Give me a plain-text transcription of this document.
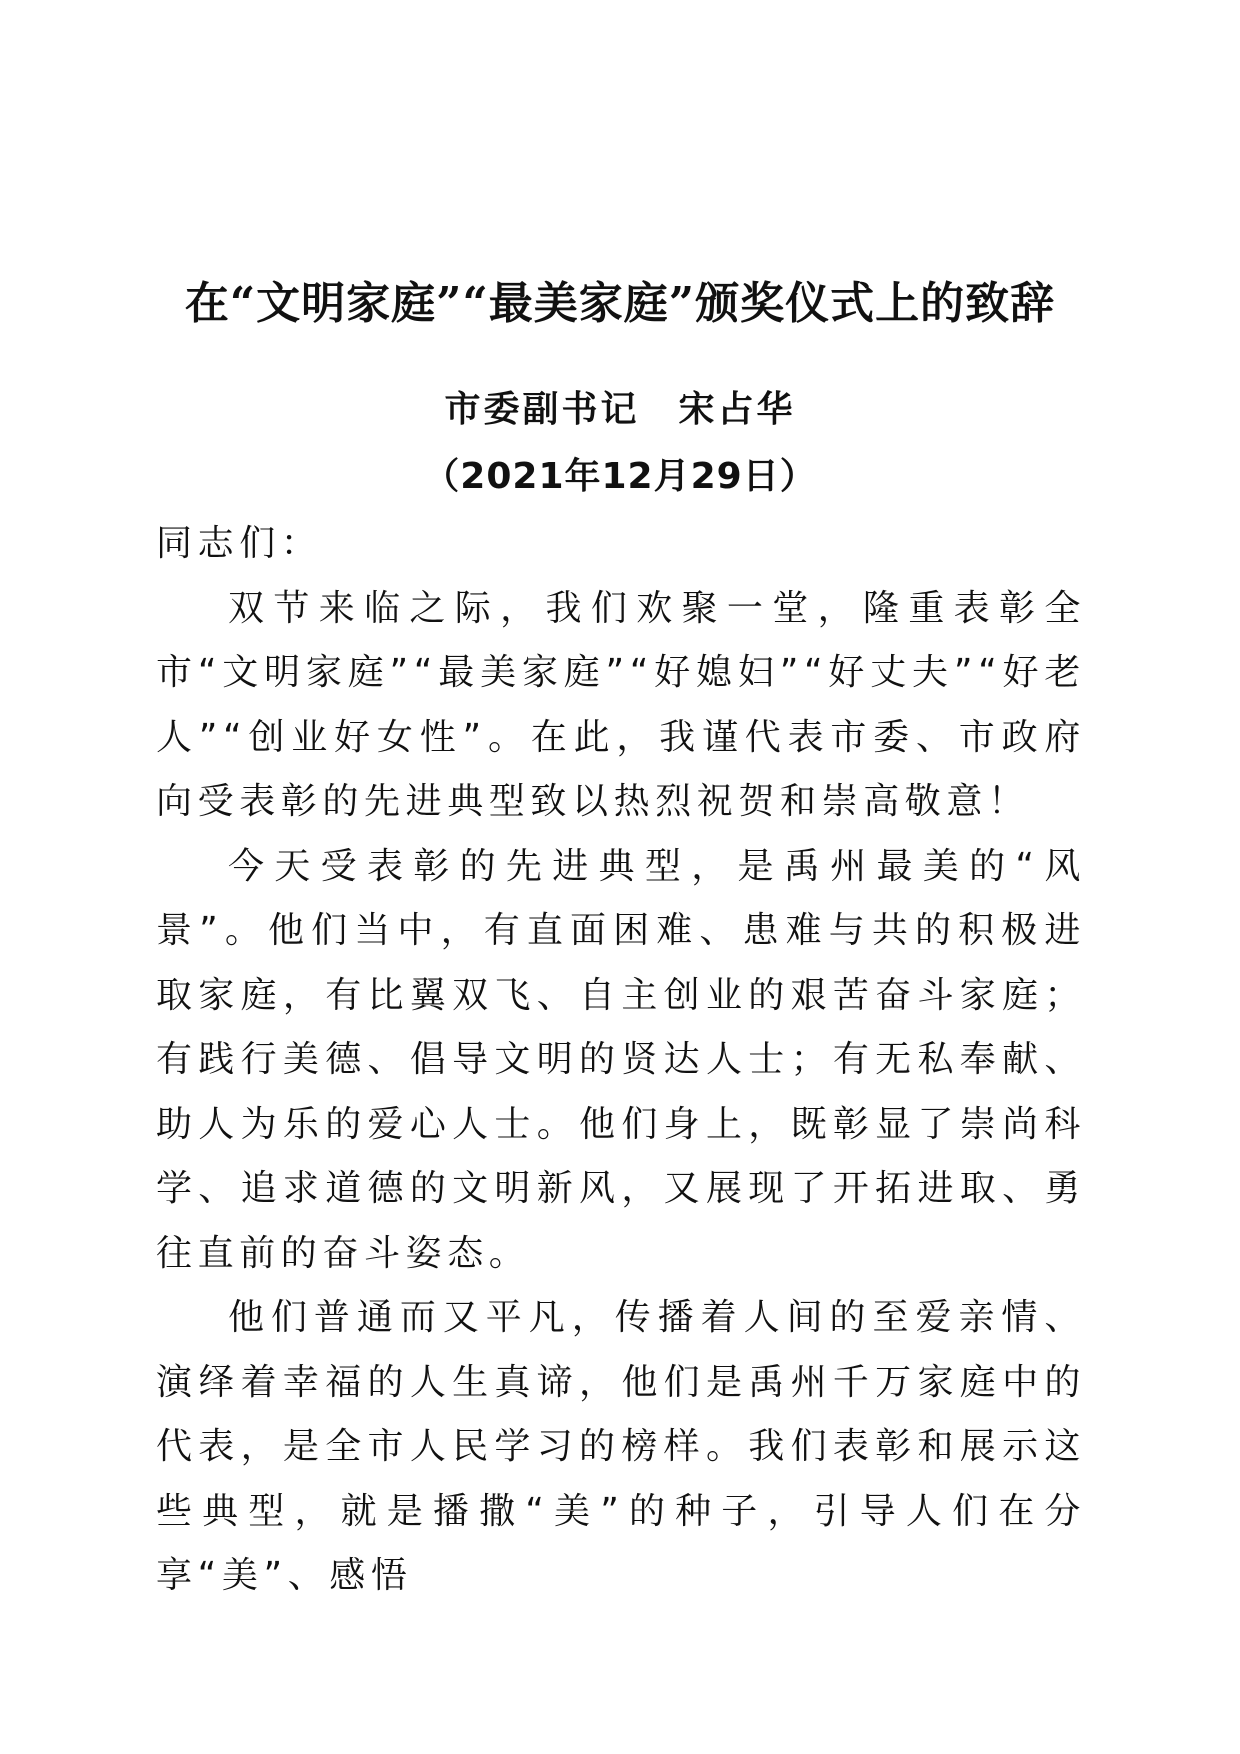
在“文明家庭”“最美家庭”颁奖仪式上的致辞
市委副书记　宋占华
（2021年12月29日）

同志们：

双节来临之际，我们欢聚一堂，隆重表彰全市“文明家庭”“最美家庭”“好媳妇”“好丈夫”“好老人”“创业好女性”。在此，我谨代表市委、市政府向受表彰的先进典型致以热烈祝贺和崇高敬意！

今天受表彰的先进典型，是禹州最美的“风景”。他们当中，有直面困难、患难与共的积极进取家庭，有比翼双飞、自主创业的艰苦奋斗家庭；有践行美德、倡导文明的贤达人士；有无私奉献、助人为乐的爱心人士。他们身上，既彰显了崇尚科学、追求道德的文明新风，又展现了开拓进取、勇往直前的奋斗姿态。

他们普通而又平凡，传播着人间的至爱亲情、演绎着幸福的人生真谛，他们是禹州千万家庭中的代表，是全市人民学习的榜样。我们表彰和展示这些典型，就是播撒“美”的种子，引导人们在分享“美”、感悟
